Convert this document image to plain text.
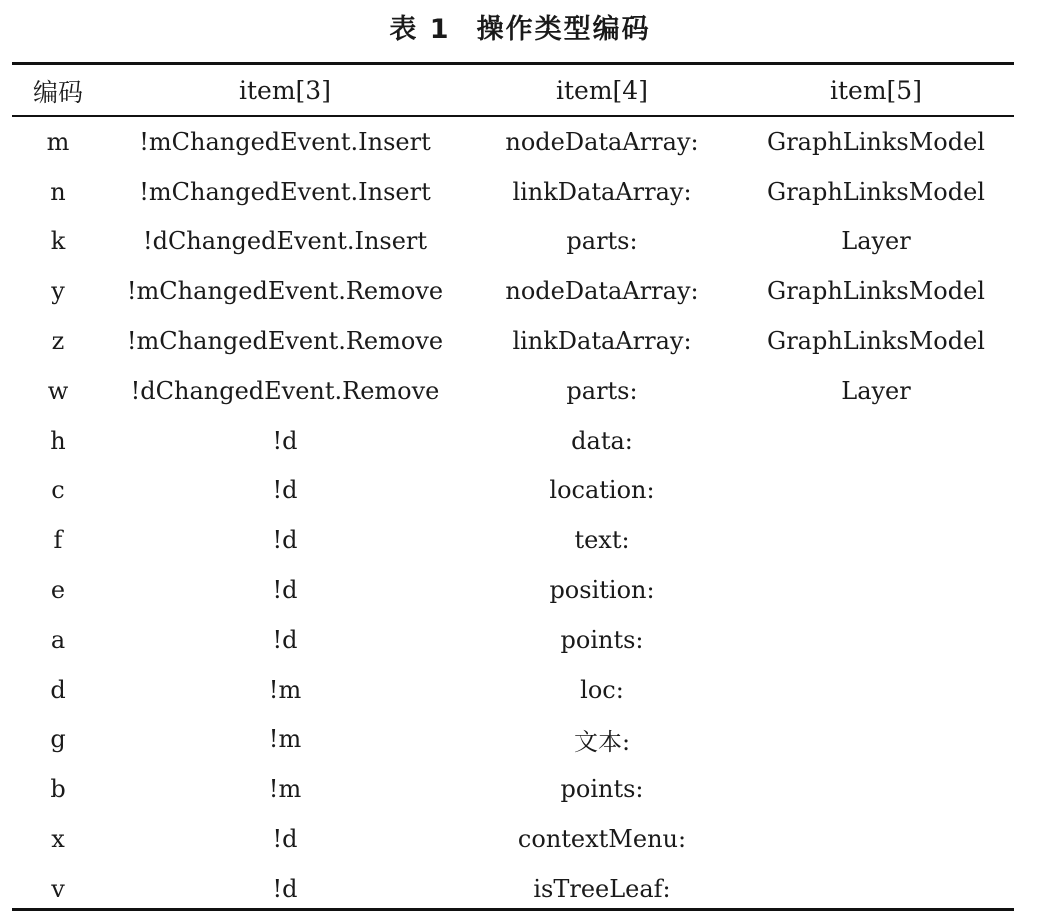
表 1 操作类型编码
编码	item[3]	item[4]	item[5]
m	!mChangedEvent.Insert	nodeDataArray:	GraphLinksModel
n	!mChangedEvent.Insert	linkDataArray:	GraphLinksModel
k	!dChangedEvent.Insert	parts:	Layer
y	!mChangedEvent.Remove	nodeDataArray:	GraphLinksModel
z	!mChangedEvent.Remove	linkDataArray:	GraphLinksModel
w	!dChangedEvent.Remove	parts:	Layer
h	!d	data:	
c	!d	location:	
f	!d	text:	
e	!d	position:	
a	!d	points:	
d	!m	loc:	
g	!m	文本:	
b	!m	points:	
x	!d	contextMenu:	
v	!d	isTreeLeaf:	
